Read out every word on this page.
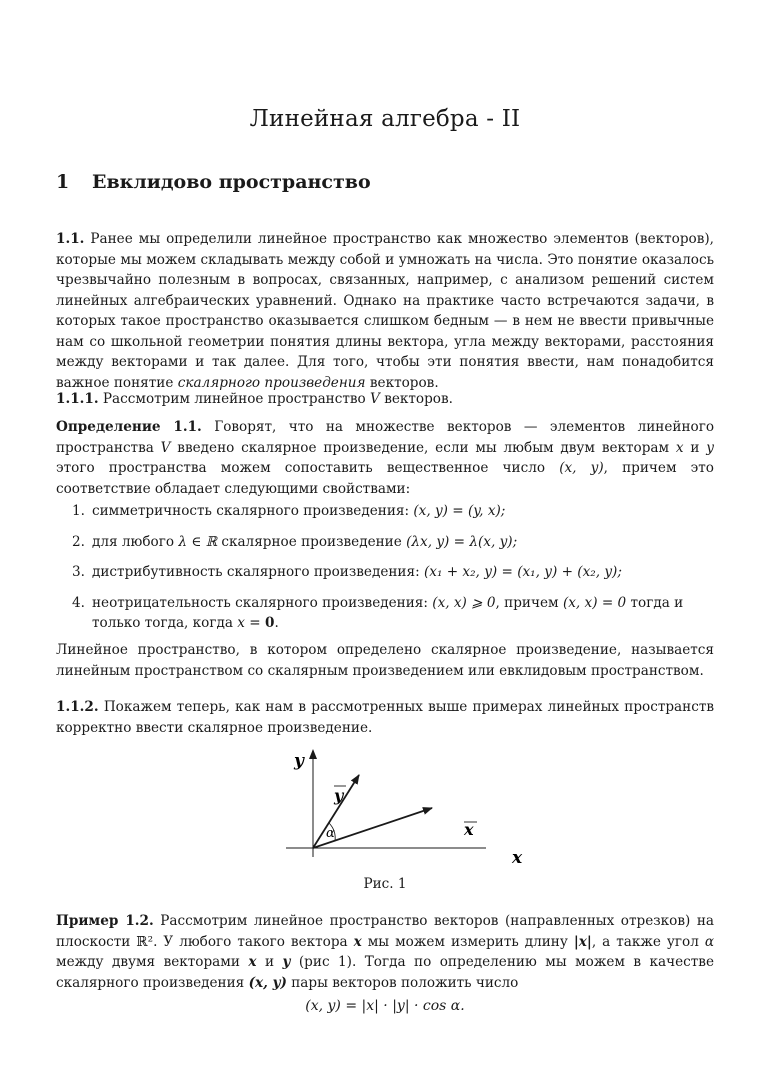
Линейная алгебра - II
1 Евклидово пространство

1.1. Ранее мы определили линейное пространство как множество элементов (векторов), которые мы можем складывать между собой и умножать на числа. Это понятие оказалось чрезвычайно полезным в вопросах, связанных, например, с анализом решений систем линейных алгебраических уравнений. Однако на практике часто встречаются задачи, в которых такое пространство оказывается слишком бедным — в нем не ввести привычные нам со школьной геометрии понятия длины вектора, угла между векторами, расстояния между векторами и так далее. Для того, чтобы эти понятия ввести, нам понадобится важное понятие скалярного произведения векторов.

1.1.1. Рассмотрим линейное пространство V векторов.

Определение 1.1. Говорят, что на множестве векторов — элементов линейного пространства V введено скалярное произведение, если мы любым двум векторам x и y этого пространства можем сопоставить вещественное число (x, y), причем это соответствие обладает следующими свойствами:

1. симметричность скалярного произведения: (x, y) = (y, x);
2. для любого λ ∈ ℝ скалярное произведение (λx, y) = λ(x, y);
3. дистрибутивность скалярного произведения: (x₁ + x₂, y) = (x₁, y) + (x₂, y);
4. неотрицательность скалярного произведения: (x, x) ⩾ 0, причем (x, x) = 0 тогда и только тогда, когда x = 0.

Линейное пространство, в котором определено скалярное произведение, называется линейным пространством со скалярным произведением или евклидовым пространством.

1.1.2. Покажем теперь, как нам в рассмотренных выше примерах линейных пространств корректно ввести скалярное произведение.

y
x
y
x
α
Рис. 1

Пример 1.2. Рассмотрим линейное пространство векторов (направленных отрезков) на плоскости ℝ². У любого такого вектора x мы можем измерить длину |x|, а также угол α между двумя векторами x и y (рис 1). Тогда по определению мы можем в качестве скалярного произведения (x, y) пары векторов положить число

(x, y) = |x| · |y| · cos α.
